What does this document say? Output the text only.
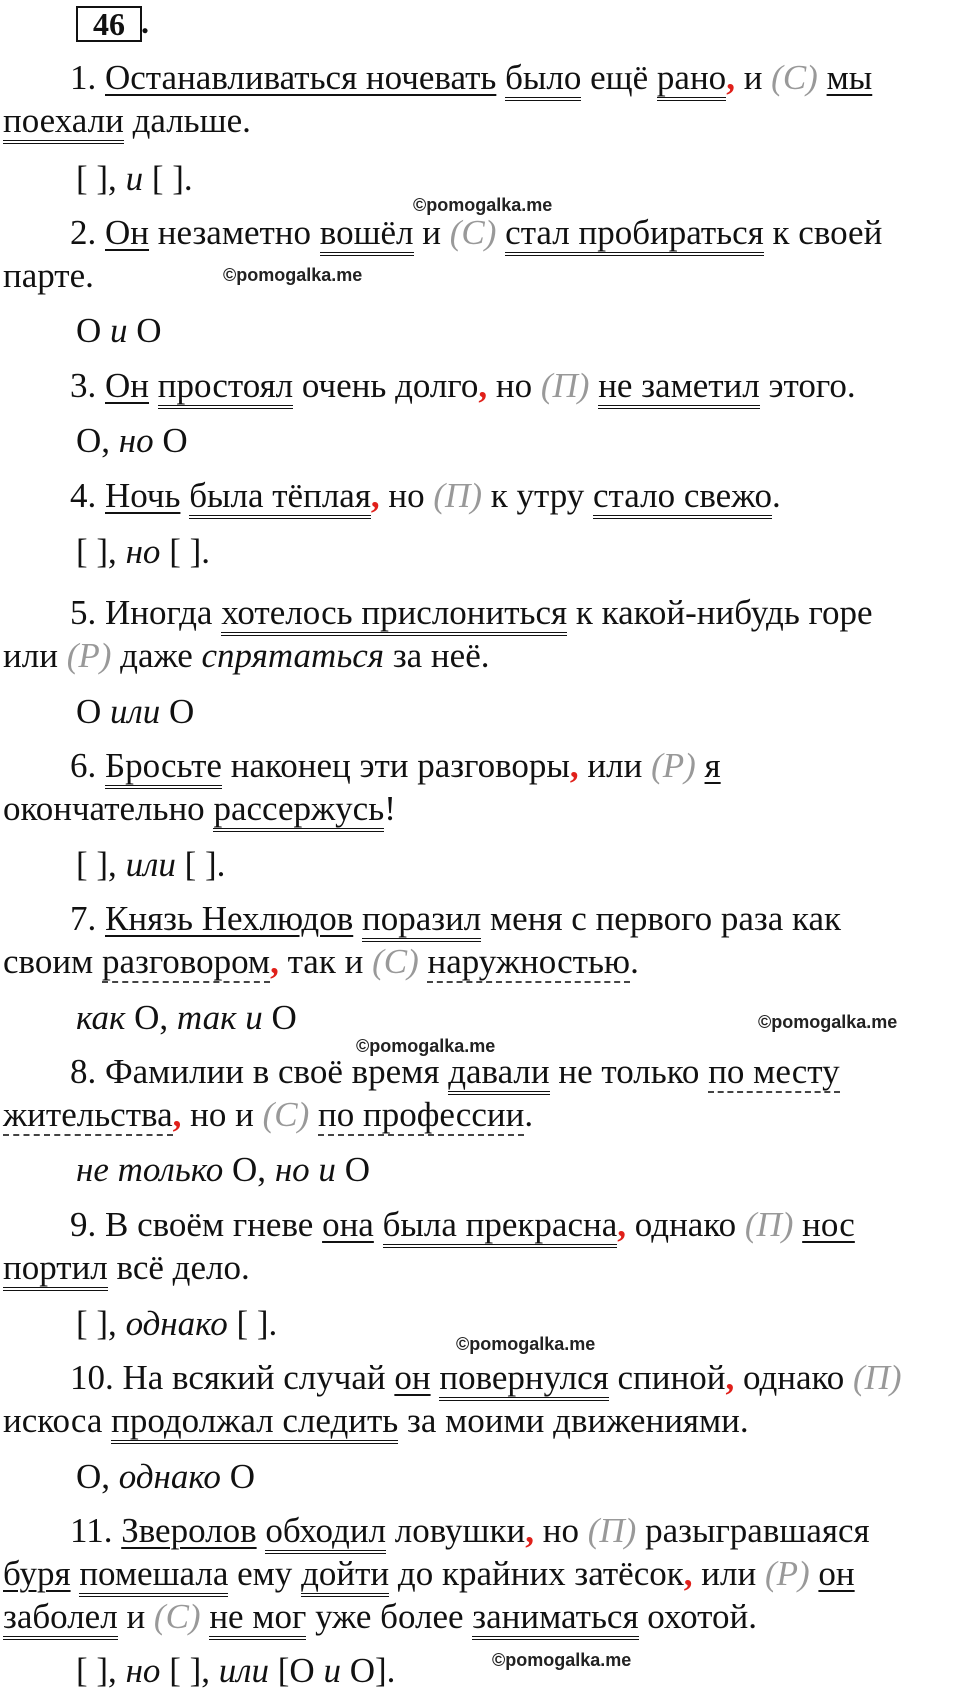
46 .
1. Останавливаться ночевать было ещё рано, и (С) мы
поехали дальше.
[ ], и [ ].
©pomogalka.me
2. Он незаметно вошёл и (С) стал пробираться к своей
парте.	©pomogalka.me
О и О
3. Он простоял очень долго, но (П) не заметил этого.
О, но О
4. Ночь была тёплая, но (П) к утру стало свежо.
[ ], но [ ].
5. Иногда хотелось прислониться к какой-нибудь горе
или (Р) даже спрятаться за неё.
О или О
6. Бросьте наконец эти разговоры, или (Р) я
окончательно рассержусь!
[ ], или [ ].
7. Князь Нехлюдов поразил меня с первого раза как
своим разговором, так и (С) наружностью.
как О, так и О	©pomogalka.me
©pomogalka.me
8. Фамилии в своё время давали не только по месту
жительства, но и (С) по профессии.
не только О, но и О
9. В своём гневе она была прекрасна, однако (П) нос
портил всё дело.
[ ], однако [ ].
©pomogalka.me
10. На всякий случай он повернулся спиной, однако (П)
искоса продолжал следить за моими движениями.
О, однако О
11. Зверолов обходил ловушки, но (П) разыгравшаяся
буря помешала ему дойти до крайних затёсок, или (Р) он
заболел и (С) не мог уже более заниматься охотой.
[ ], но [ ], или [О и О].	©pomogalka.me
